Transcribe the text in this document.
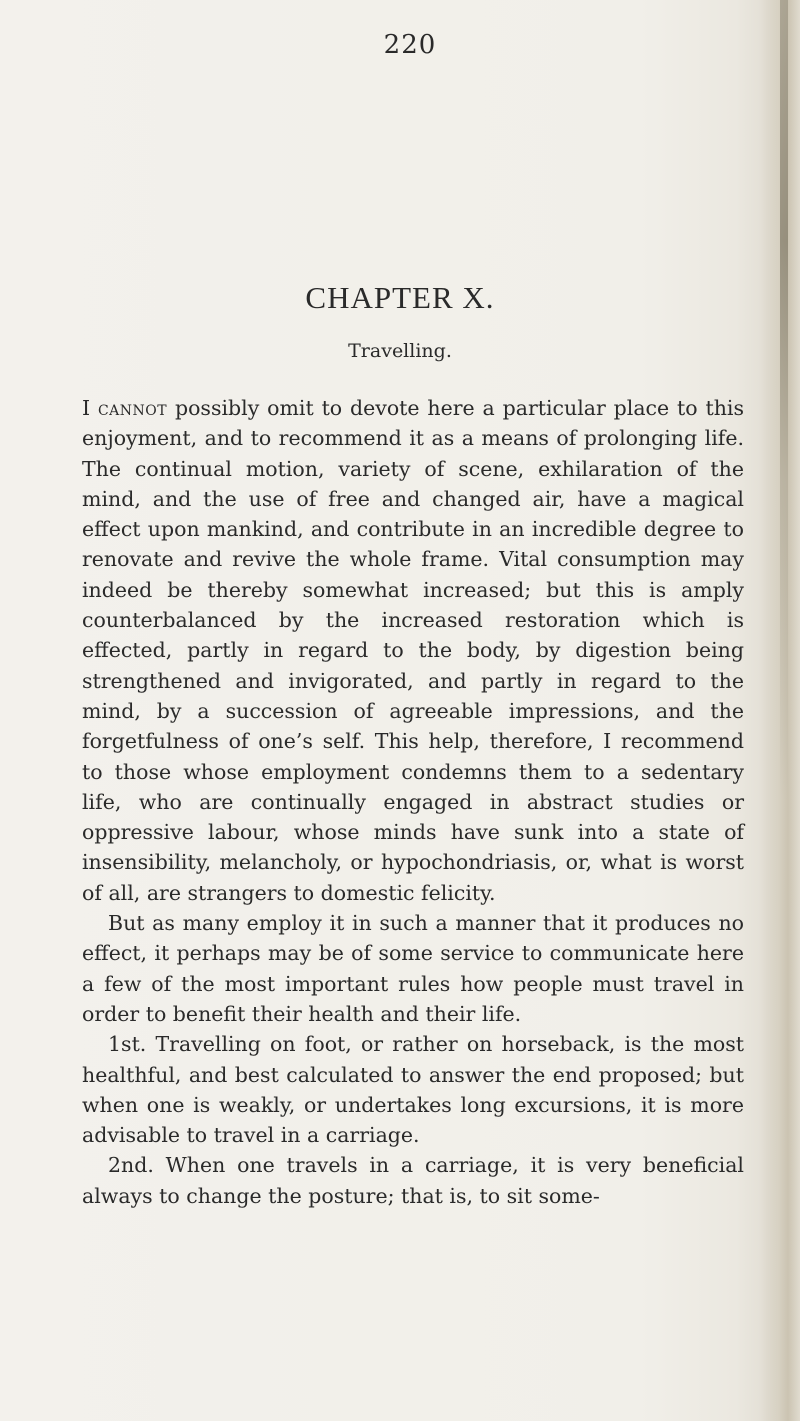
220
CHAPTER X.
Travelling.

I cannot possibly omit to devote here a particular place to this enjoyment, and to recommend it as a means of prolonging life. The continual motion, variety of scene, exhilaration of the mind, and the use of free and changed air, have a magical effect upon mankind, and contribute in an incredible degree to renovate and revive the whole frame. Vital consumption may indeed be thereby somewhat increased; but this is amply counterbalanced by the increased restoration which is effected, partly in regard to the body, by digestion being strengthened and invigorated, and partly in regard to the mind, by a succession of agreeable impressions, and the forgetfulness of one’s self. This help, therefore, I recommend to those whose employment condemns them to a sedentary life, who are continually engaged in abstract studies or oppressive labour, whose minds have sunk into a state of insensibility, melancholy, or hypochondriasis, or, what is worst of all, are strangers to domestic felicity.

But as many employ it in such a manner that it produces no effect, it perhaps may be of some service to communicate here a few of the most important rules how people must travel in order to benefit their health and their life.

1st. Travelling on foot, or rather on horseback, is the most healthful, and best calculated to answer the end proposed; but when one is weakly, or undertakes long excursions, it is more advisable to travel in a carriage.

2nd. When one travels in a carriage, it is very beneficial always to change the posture; that is, to sit some-
